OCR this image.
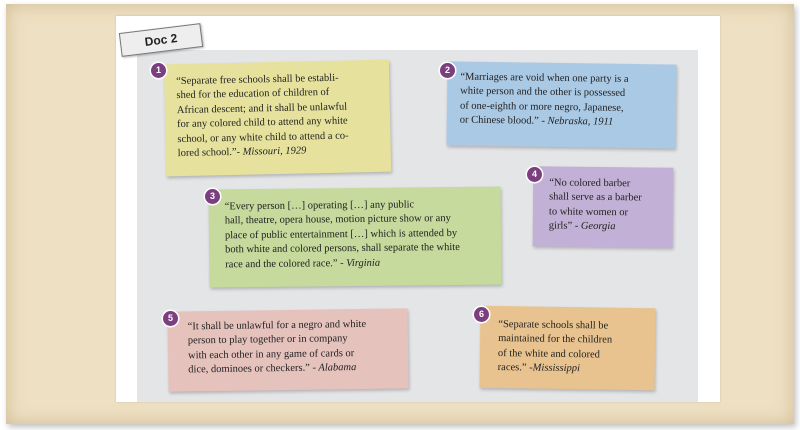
Doc 2
“Separate free schools shall be establi-
shed for the education of children of
African descent; and it shall be unlawful
for any colored child to attend any white
school, or any white child to attend a co-
lored school.”- Missouri, 1929
1
“Marriages are void when one party is a
white person and the other is possessed
of one-eighth or more negro, Japanese,
or Chinese blood.” - Nebraska, 1911
2
“Every person […] operating […] any public
hall, theatre, opera house, motion picture show or any
place of public entertainment […] which is attended by
both white and colored persons, shall separate the white
race and the colored race.” - Virginia
3
“No colored barber
shall serve as a barber
to white women or
girls” - Georgia
4
“It shall be unlawful for a negro and white
person to play together or in company
with each other in any game of cards or
dice, dominoes or checkers.” - Alabama
5
“Separate schools shall be
maintained for the children
of the white and colored
races.” -Mississippi
6
